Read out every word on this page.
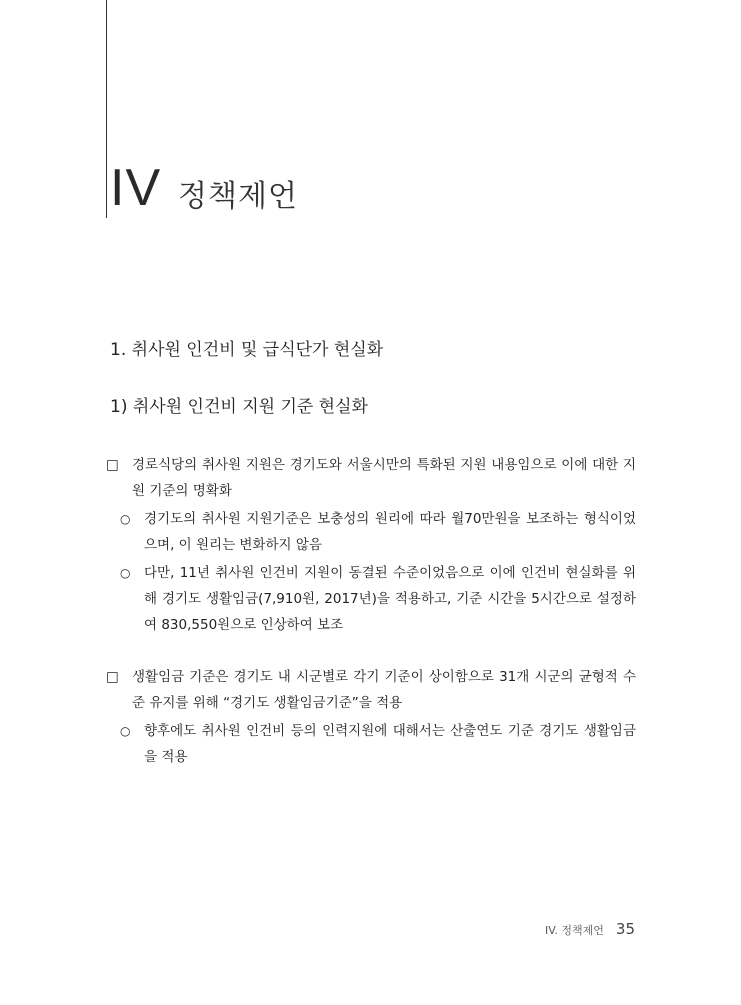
IV 정책제언
1. 취사원 인건비 및 급식단가 현실화
1) 취사원 인건비 지원 기준 현실화
□ 경로식당의 취사원 지원은 경기도와 서울시만의 특화된 지원 내용임으로 이에 대한 지원 기준의 명확화
○ 경기도의 취사원 지원기준은 보충성의 원리에 따라 월70만원을 보조하는 형식이었으며, 이 원리는 변화하지 않음
○ 다만, 11년 취사원 인건비 지원이 동결된 수준이었음으로 이에 인건비 현실화를 위해 경기도 생활임금(7,910원, 2017년)을 적용하고, 기준 시간을 5시간으로 설정하여 830,550원으로 인상하여 보조
□ 생활임금 기준은 경기도 내 시군별로 각기 기준이 상이함으로 31개 시군의 균형적 수준 유지를 위해 “경기도 생활임금기준”을 적용
○ 향후에도 취사원 인건비 등의 인력지원에 대해서는 산출연도 기준 경기도 생활임금을 적용
IV. 정책제언 35
